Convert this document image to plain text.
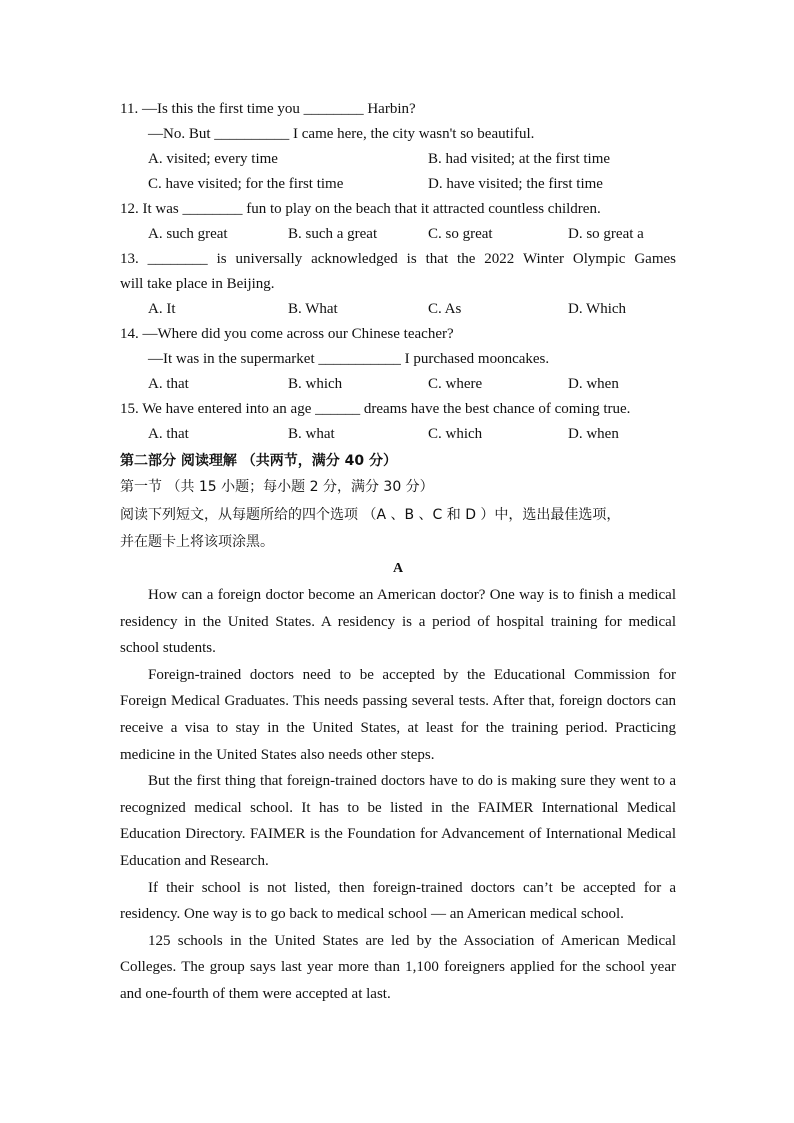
11. —Is this the first time you ________ Harbin?
—No. But __________ I came here, the city wasn't so beautiful.
A. visited; every time	B. had visited; at the first time
C. have visited; for the first time	D. have visited; the first time
12. It was ________ fun to play on the beach that it attracted countless children.
A. such great	B. such a great	C. so great	D. so great a
13. ________ is universally acknowledged is that the 2022 Winter Olympic Games
will take place in Beijing.
A. It	B. What	C. As	D. Which
14. —Where did you come across our Chinese teacher?
—It was in the supermarket ___________ I purchased mooncakes.
A. that	B. which	C. where	D. when
15. We have entered into an age ______ dreams have the best chance of coming true.
A. that	B. what	C. which	D. when
第二部分 阅读理解 （共两节，满分 40 分）
第一节 （共 15 小题；每小题 2 分，满分 30 分）
阅读下列短文，从每题所给的四个选项 （A 、B 、C 和 D ）中，选出最佳选项，
并在题卡上将该项涂黑。
A

How can a foreign doctor become an American doctor? One way is to finish a medical residency in the United States. A residency is a period of hospital training for medical school students.

Foreign-trained doctors need to be accepted by the Educational Commission for Foreign Medical Graduates. This needs passing several tests. After that, foreign doctors can receive a visa to stay in the United States, at least for the training period. Practicing medicine in the United States also needs other steps.

But the first thing that foreign-trained doctors have to do is making sure they went to a recognized medical school. It has to be listed in the FAIMER International Medical Education Directory. FAIMER is the Foundation for Advancement of International Medical Education and Research.

If their school is not listed, then foreign-trained doctors can’t be accepted for a residency. One way is to go back to medical school — an American medical school.

125 schools in the United States are led by the Association of American Medical Colleges. The group says last year more than 1,100 foreigners applied for the school year and one-fourth of them were accepted at last.
